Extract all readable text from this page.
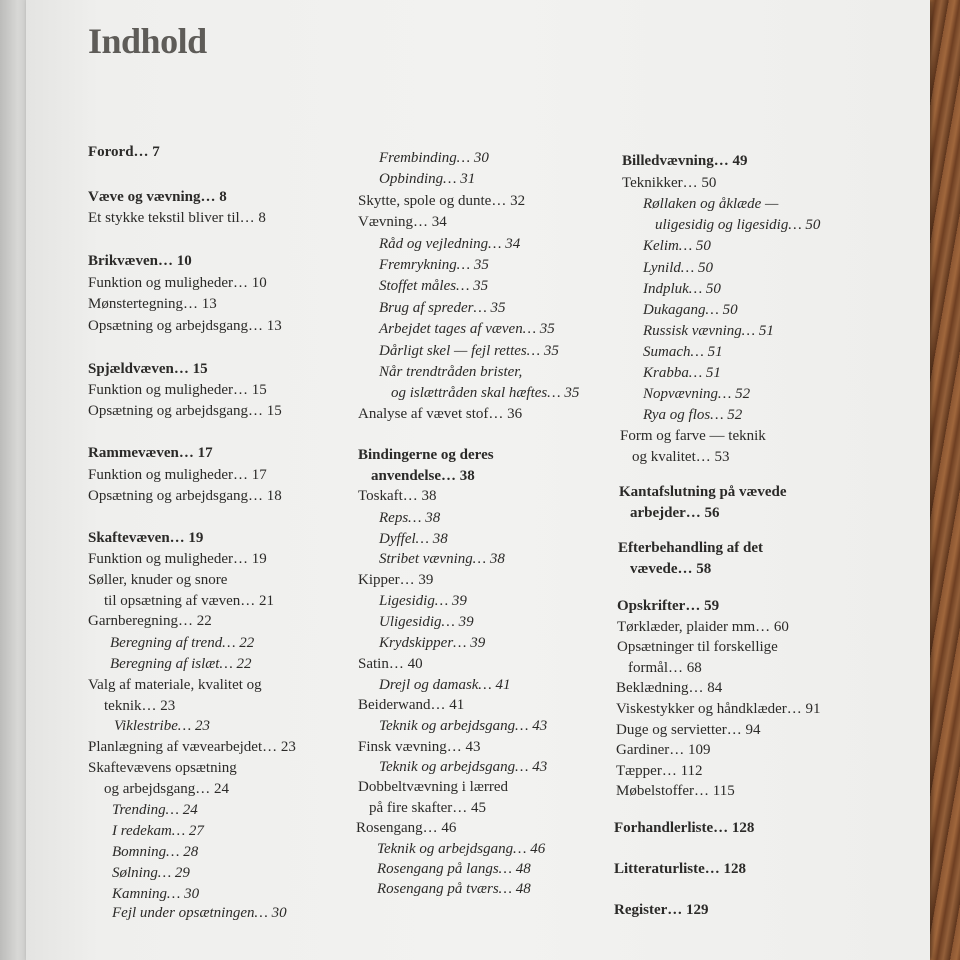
Indhold
Forord… 7
Væve og vævning… 8
Et stykke tekstil bliver til… 8
Brikvæven… 10
Funktion og muligheder… 10
Mønstertegning… 13
Opsætning og arbejdsgang… 13
Spjældvæven… 15
Funktion og muligheder… 15
Opsætning og arbejdsgang… 15
Rammevæven… 17
Funktion og muligheder… 17
Opsætning og arbejdsgang… 18
Skaftevæven… 19
Funktion og muligheder… 19
Søller, knuder og snore
til opsætning af væven… 21
Garnberegning… 22
Beregning af trend… 22
Beregning af islæt… 22
Valg af materiale, kvalitet og
teknik… 23
Viklestribe… 23
Planlægning af vævearbejdet… 23
Skaftevævens opsætning
og arbejdsgang… 24
Trending… 24
I redekam… 27
Bomning… 28
Sølning… 29
Kamning… 30
Fejl under opsætningen… 30
Frembinding… 30
Opbinding… 31
Skytte, spole og dunte… 32
Vævning… 34
Råd og vejledning… 34
Fremrykning… 35
Stoffet måles… 35
Brug af spreder… 35
Arbejdet tages af væven… 35
Dårligt skel — fejl rettes… 35
Når trendtråden brister,
og islættråden skal hæftes… 35
Analyse af vævet stof… 36
Bindingerne og deres
anvendelse… 38
Toskaft… 38
Reps… 38
Dyffel… 38
Stribet vævning… 38
Kipper… 39
Ligesidig… 39
Uligesidig… 39
Krydskipper… 39
Satin… 40
Drejl og damask… 41
Beiderwand… 41
Teknik og arbejdsgang… 43
Finsk vævning… 43
Teknik og arbejdsgang… 43
Dobbeltvævning i lærred
på fire skafter… 45
Rosengang… 46
Teknik og arbejdsgang… 46
Rosengang på langs… 48
Rosengang på tværs… 48
Billedvævning… 49
Teknikker… 50
Røllaken og åklæde —
uligesidig og ligesidig… 50
Kelim… 50
Lynild… 50
Indpluk… 50
Dukagang… 50
Russisk vævning… 51
Sumach… 51
Krabba… 51
Nopvævning… 52
Rya og flos… 52
Form og farve — teknik
og kvalitet… 53
Kantafslutning på vævede
arbejder… 56
Efterbehandling af det
vævede… 58
Opskrifter… 59
Tørklæder, plaider mm… 60
Opsætninger til forskellige
formål… 68
Beklædning… 84
Viskestykker og håndklæder… 91
Duge og servietter… 94
Gardiner… 109
Tæpper… 112
Møbelstoffer… 115
Forhandlerliste… 128
Litteraturliste… 128
Register… 129
